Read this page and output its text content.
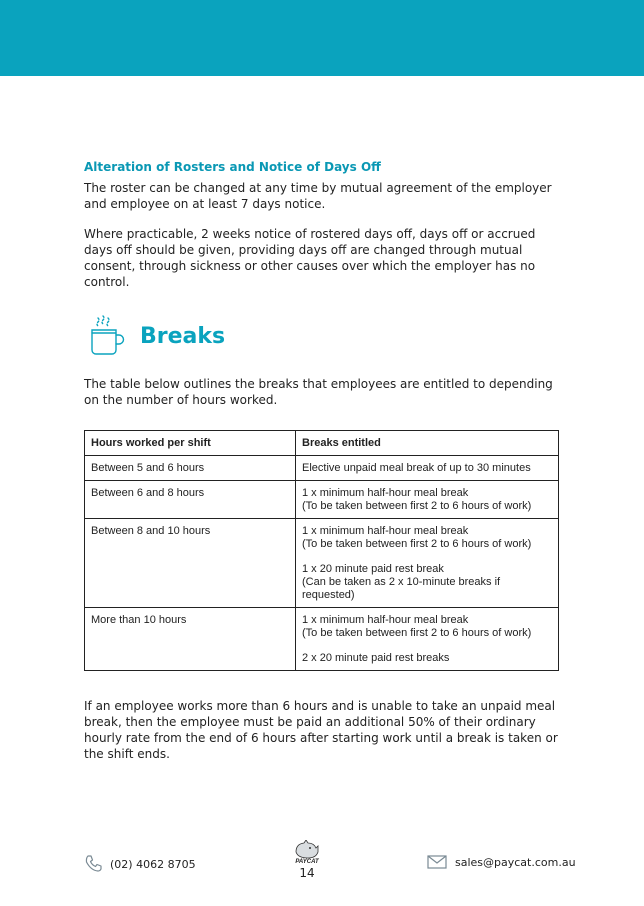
Alteration of Rosters and Notice of Days Off

The roster can be changed at any time by mutual agreement of the employer and employee on at least 7 days notice.

Where practicable, 2 weeks notice of rostered days off, days off or accrued days off should be given, providing days off are changed through mutual consent, through sickness or other causes over which the employer has no control.

Breaks

The table below outlines the breaks that employees are entitled to depending on the number of hours worked.

Hours worked per shift	Breaks entitled
Between 5 and 6 hours	Elective unpaid meal break of up to 30 minutes

Between 6 and 8 hours	1 x minimum half-hour meal break
(To be taken between first 2 to 6 hours of work)

Between 8 and 10 hours	1 x minimum half-hour meal break
(To be taken between first 2 to 6 hours of work)
1 x 20 minute paid rest break
(Can be taken as 2 x 10-minute breaks if requested)

More than 10 hours	1 x minimum half-hour meal break
(To be taken between first 2 to 6 hours of work)
2 x 20 minute paid rest breaks

If an employee works more than 6 hours and is unable to take an unpaid meal break, then the employee must be paid an additional 50% of their ordinary hourly rate from the end of 6 hours after starting work until a break is taken or the shift ends.

(02) 4062 8705	PAYCAT
14
sales@paycat.com.au
